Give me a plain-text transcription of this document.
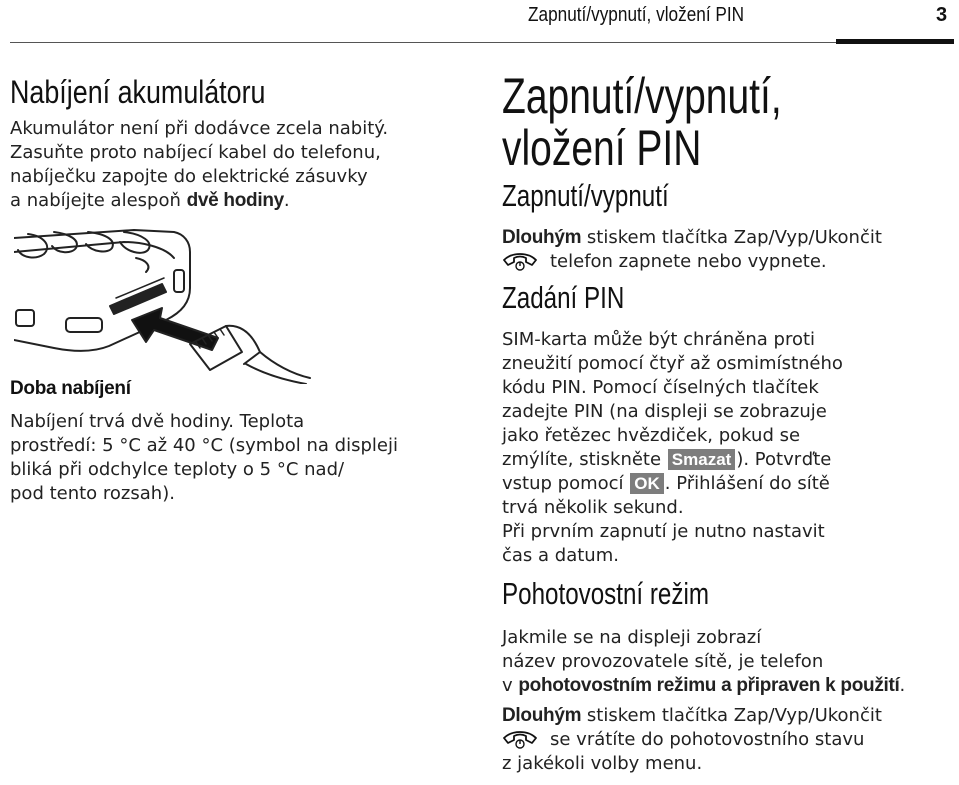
Zapnutí/vypnutí, vložení PIN	3
Nabíjení akumulátoru
Akumulátor není při dodávce zcela nabitý.
Zasuňte proto nabíjecí kabel do telefonu,
nabíječku zapojte do elektrické zásuvky
a nabíjejte alespoň dvě hodiny.
Doba nabíjení
Nabíjení trvá dvě hodiny. Teplota
prostředí: 5 °C až 40 °C (symbol na displeji
bliká při odchylce teploty o 5 °C nad/
pod tento rozsah).
Zapnutí/vypnutí,
vložení PIN
Zapnutí/vypnutí
Dlouhým stiskem tlačítka Zap/Vyp/Ukončit
telefon zapnete nebo vypnete.
Zadání PIN
SIM-karta může být chráněna proti
zneužití pomocí čtyř až osmimístného
kódu PIN. Pomocí číselných tlačítek
zadejte PIN (na displeji se zobrazuje
jako řetězec hvězdiček, pokud se
zmýlíte, stiskněte Smazat ). Potvrďte
vstup pomocí OK . Přihlášení do sítě
trvá několik sekund.
Při prvním zapnutí je nutno nastavit
čas a datum.
Pohotovostní režim
Jakmile se na displeji zobrazí
název provozovatele sítě, je telefon
v pohotovostním režimu a připraven k použití.
Dlouhým stiskem tlačítka Zap/Vyp/Ukončit
se vrátíte do pohotovostního stavu
z jakékoli volby menu.
